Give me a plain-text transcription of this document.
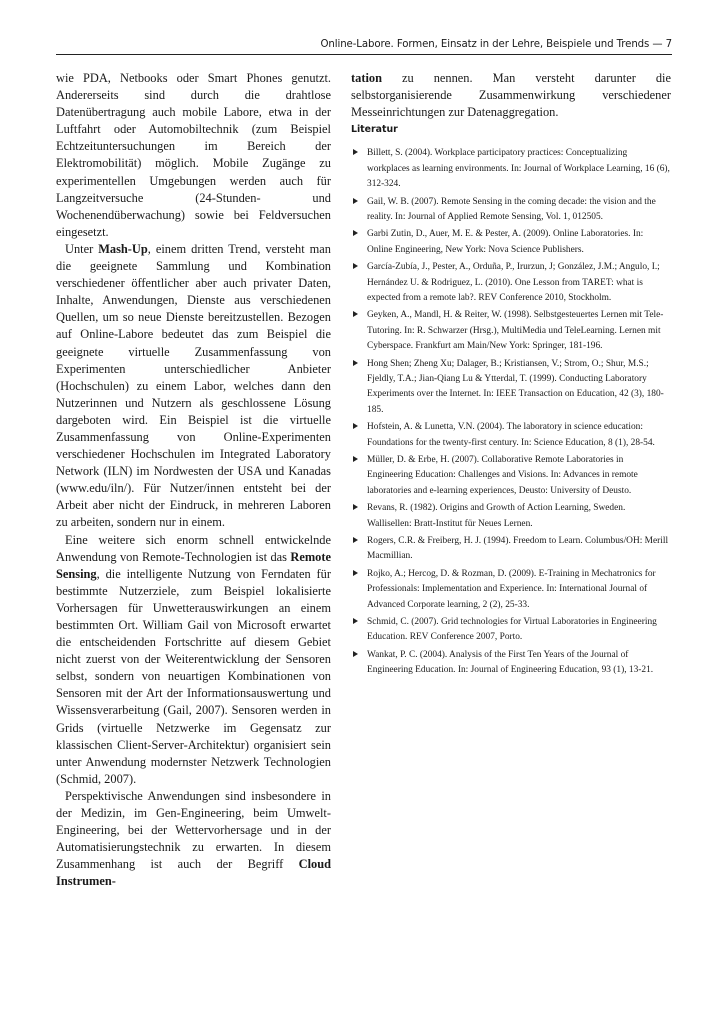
Online-Labore. Formen, Einsatz in der Lehre, Beispiele und Trends — 7

wie PDA, Netbooks oder Smart Phones genutzt. Andererseits sind durch die drahtlose Datenübertragung auch mobile Labore, etwa in der Luftfahrt oder Automobiltechnik (zum Beispiel Echtzeituntersuchungen im Bereich der Elektromobilität) möglich. Mobile Zugänge zu experimentellen Umgebungen werden auch für Langzeitversuche (24-Stunden- und Wochenendüberwachung) sowie bei Feldversuchen eingesetzt.

Unter Mash-Up, einem dritten Trend, versteht man die geeignete Sammlung und Kombination verschiedener öffentlicher aber auch privater Daten, Inhalte, Anwendungen, Dienste aus verschiedenen Quellen, um so neue Dienste bereitzustellen. Bezogen auf Online-Labore bedeutet das zum Beispiel die geeignete virtuelle Zusammenfassung von Experimenten unterschiedlicher Anbieter (Hochschulen) zu einem Labor, welches dann den Nutzerinnen und Nutzern als geschlossene Lösung dargeboten wird. Ein Beispiel ist die virtuelle Zusammenfassung von Online-Experimenten verschiedener Hochschulen im Integrated Laboratory Network (ILN) im Nordwesten der USA und Kanadas (www.edu/iln/). Für Nutzer/innen entsteht bei der Arbeit aber nicht der Eindruck, in mehreren Laboren zu arbeiten, sondern nur in einem.

Eine weitere sich enorm schnell entwickelnde Anwendung von Remote-Technologien ist das Remote Sensing, die intelligente Nutzung von Ferndaten für bestimmte Nutzerziele, zum Beispiel lokalisierte Vorhersagen für Unwetterauswirkungen an einem bestimmten Ort. William Gail von Microsoft erwartet die entscheidenden Fortschritte auf diesem Gebiet nicht zuerst von der Weiterentwicklung der Sensoren selbst, sondern von neuartigen Kombinationen von Sensoren mit der Art der Informationsauswertung und Wissensverarbeitung (Gail, 2007). Sensoren werden in Grids (virtuelle Netzwerke im Gegensatz zur klassischen Client-Server-Architektur) organisiert sein unter Anwendung modernster Netzwerk Technologien (Schmid, 2007).

Perspektivische Anwendungen sind insbesondere in der Medizin, im Gen-Engineering, beim Umwelt-Engineering, bei der Wettervorhersage und in der Automatisierungstechnik zu erwarten. In diesem Zusammenhang ist auch der Begriff Cloud Instrumen-

tation zu nennen. Man versteht darunter die selbstorganisierende Zusammenwirkung verschiedener Messeinrichtungen zur Datenaggregation.

Literatur
Billett, S. (2004). Workplace participatory practices: Conceptualizing workplaces as learning environments. In: Journal of Workplace Learning, 16 (6), 312-324.
Gail, W. B. (2007). Remote Sensing in the coming decade: the vision and the reality. In: Journal of Applied Remote Sensing, Vol. 1, 012505.
Garbi Zutin, D., Auer, M. E. & Pester, A. (2009). Online Laboratories. In: Online Engineering, New York: Nova Science Publishers.
García-Zubía, J., Pester, A., Orduña, P., Irurzun, J; González, J.M.; Angulo, I.; Hernández U. & Rodriguez, L. (2010). One Lesson from TARET: what is expected from a remote lab?. REV Conference 2010, Stockholm.
Geyken, A., Mandl, H. & Reiter, W. (1998). Selbstgesteuertes Lernen mit Tele-Tutoring. In: R. Schwarzer (Hrsg.), MultiMedia und TeleLearning. Lernen mit Cyberspace. Frankfurt am Main/New York: Springer, 181-196.
Hong Shen; Zheng Xu; Dalager, B.; Kristiansen, V.; Strom, O.; Shur, M.S.; Fjeldly, T.A.; Jian-Qiang Lu & Ytterdal, T. (1999). Conducting Laboratory Experiments over the Internet. In: IEEE Transaction on Education, 42 (3), 180-185.
Hofstein, A. & Lunetta, V.N. (2004). The laboratory in science education: Foundations for the twenty-first century. In: Science Education, 8 (1), 28-54.
Müller, D. & Erbe, H. (2007). Collaborative Remote Laboratories in Engineering Education: Challenges and Visions. In: Advances in remote laboratories and e-learning experiences, Deusto: University of Deusto.
Revans, R. (1982). Origins and Growth of Action Learning, Sweden. Wallisellen: Bratt-Institut für Neues Lernen.
Rogers, C.R. & Freiberg, H. J. (1994). Freedom to Learn. Columbus/OH: Merill Macmillian.
Rojko, A.; Hercog, D. & Rozman, D. (2009). E-Training in Mechatronics for Professionals: Implementation and Experience. In: International Journal of Advanced Corporate learning, 2 (2), 25-33.
Schmid, C. (2007). Grid technologies for Virtual Laboratories in Engineering Education. REV Conference 2007, Porto.
Wankat, P. C. (2004). Analysis of the First Ten Years of the Journal of Engineering Education. In: Journal of Engineering Education, 93 (1), 13-21.
